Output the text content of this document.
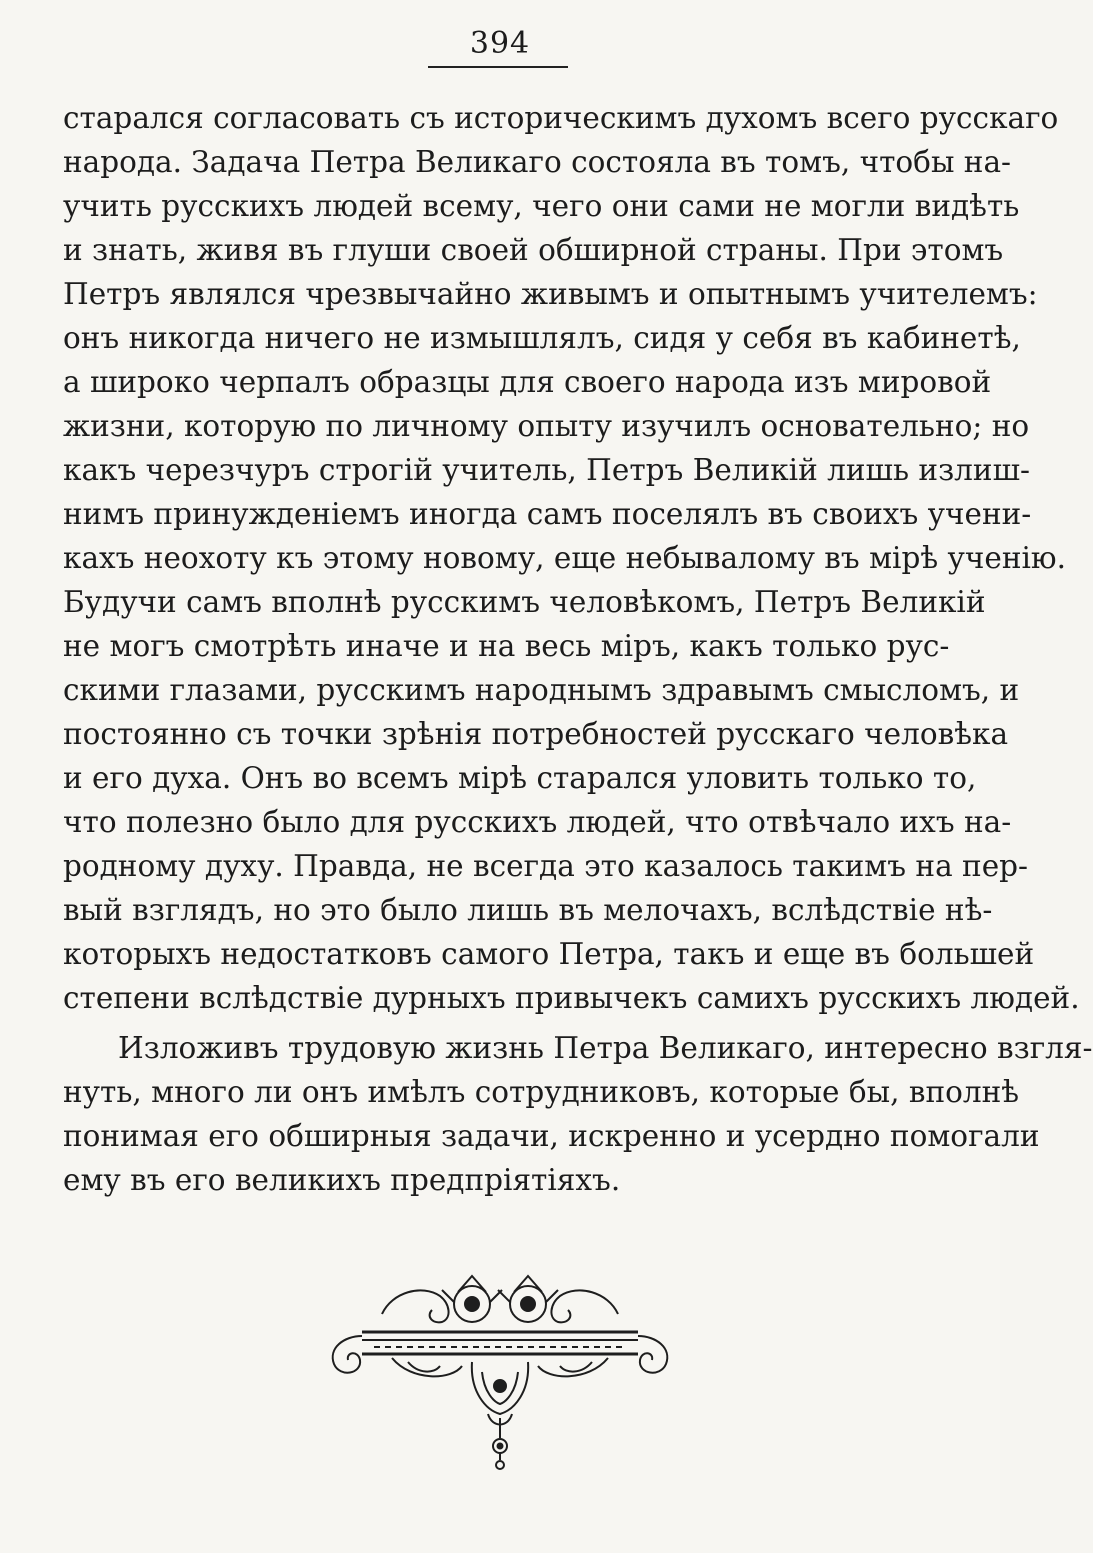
394
старался согласовать съ историческимъ духомъ всего русскаго
народа. Задача Петра Великаго состояла въ томъ, чтобы на-
учить русскихъ людей всему, чего они сами не могли видѣть
и знать, живя въ глуши своей обширной страны. При этомъ
Петръ являлся чрезвычайно живымъ и опытнымъ учителемъ:
онъ никогда ничего не измышлялъ, сидя у себя въ кабинетѣ,
а широко черпалъ образцы для своего народа изъ мировой
жизни, которую по личному опыту изучилъ основательно; но
какъ черезчуръ строгій учитель, Петръ Великій лишь излиш-
нимъ принужденіемъ иногда самъ поселялъ въ своихъ учени-
кахъ неохоту къ этому новому, еще небывалому въ мірѣ ученію.
Будучи самъ вполнѣ русскимъ человѣкомъ, Петръ Великій
не могъ смотрѣть иначе и на весь міръ, какъ только рус-
скими глазами, русскимъ народнымъ здравымъ смысломъ, и
постоянно съ точки зрѣнія потребностей русскаго человѣка
и его духа. Онъ во всемъ мірѣ старался уловить только то,
что полезно было для русскихъ людей, что отвѣчало ихъ на-
родному духу. Правда, не всегда это казалось такимъ на пер-
вый взглядъ, но это было лишь въ мелочахъ, вслѣдствіе нѣ-
которыхъ недостатковъ самого Петра, такъ и еще въ большей
степени вслѣдствіе дурныхъ привычекъ самихъ русскихъ людей.
Изложивъ трудовую жизнь Петра Великаго, интересно взгля-
нуть, много ли онъ имѣлъ сотрудниковъ, которые бы, вполнѣ
понимая его обширныя задачи, искренно и усердно помогали
ему въ его великихъ предпріятіяхъ.
